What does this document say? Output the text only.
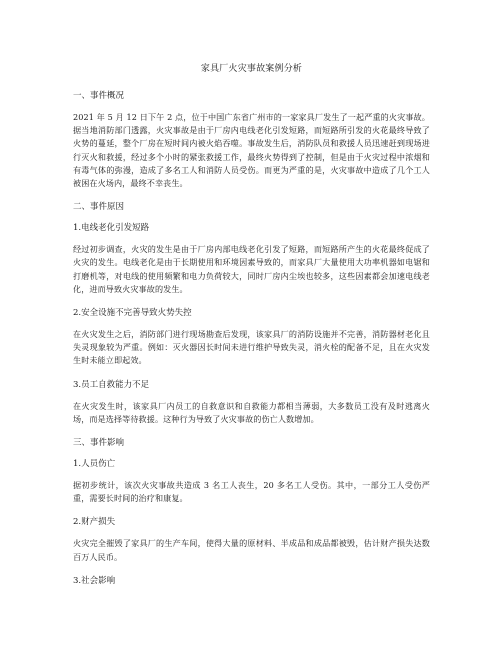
家具厂火灾事故案例分析
一、事件概况

2021 年 5 月 12 日下午 2 点，位于中国广东省广州市的一家家具厂发生了一起严重的火灾事故。据当地消防部门透露，火灾事故是由于厂房内电线老化引发短路，而短路所引发的火花最终导致了火势的蔓延，整个厂房在短时间内被火焰吞噬。事故发生后，消防队员和救援人员迅速赶到现场进行灭火和救援，经过多个小时的紧张救援工作，最终火势得到了控制，但是由于火灾过程中浓烟和有毒气体的弥漫，造成了多名工人和消防人员受伤。而更为严重的是，火灾事故中造成了几个工人被困在火场内，最终不幸丧生。

二、事件原因
1.电线老化引发短路

经过初步调查，火灾的发生是由于厂房内部电线老化引发了短路，而短路所产生的火花最终促成了火灾的发生。电线老化是由于长期使用和环境因素导致的，而家具厂大量使用大功率机器如电锯和打磨机等，对电线的使用频繁和电力负荷较大，同时厂房内尘埃也较多，这些因素都会加速电线老化，进而导致火灾事故的发生。

2.安全设施不完善导致火势失控

在火灾发生之后，消防部门进行现场勘查后发现，该家具厂的消防设施并不完善，消防器材老化且失灵现象较为严重。例如：灭火器因长时间未进行维护导致失灵，消火栓的配备不足，且在火灾发生时未能立即起效。

3.员工自救能力不足

在火灾发生时，该家具厂内员工的自救意识和自救能力都相当薄弱，大多数员工没有及时逃离火场，而是选择等待救援。这种行为导致了火灾事故的伤亡人数增加。

三、事件影响
1.人员伤亡

据初步统计，该次火灾事故共造成 3 名工人丧生，20 多名工人受伤。其中，一部分工人受伤严重，需要长时间的治疗和康复。

2.财产损失

火灾完全摧毁了家具厂的生产车间，使得大量的原材料、半成品和成品都被毁，估计财产损失达数百万人民币。

3.社会影响
